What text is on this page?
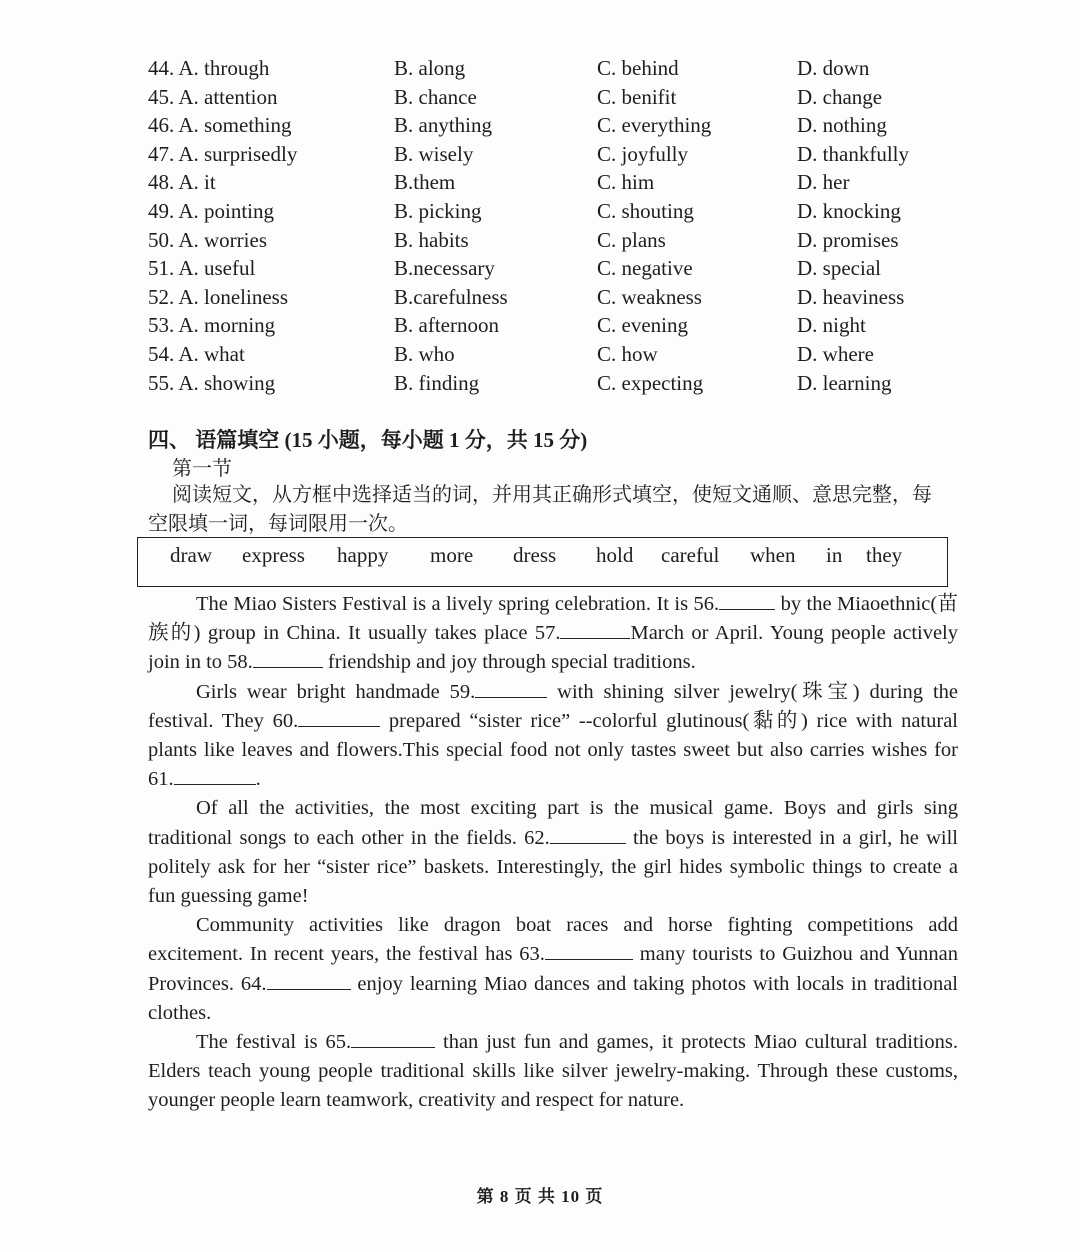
44. A. through	B. along	C. behind	D. down
45. A. attention	B. chance	C. benifit	D. change
46. A. something	B. anything	C. everything	D. nothing
47. A. surprisedly	B. wisely	C. joyfully	D. thankfully
48. A. it	B.them	C. him	D. her
49. A. pointing	B. picking	C. shouting	D. knocking
50. A. worries	B. habits	C. plans	D. promises
51. A. useful	B.necessary	C. negative	D. special
52. A. loneliness	B.carefulness	C. weakness	D. heaviness
53. A. morning	B. afternoon	C. evening	D. night
54. A. what	B. who	C. how	D. where
55. A. showing	B. finding	C. expecting	D. learning
四、 语篇填空 (15 小题，每小题 1 分，共 15 分)
第一节
阅读短文，从方框中选择适当的词，并用其正确形式填空，使短文通顺、意思完整，每空限填一词，每词限用一次。
draw express happy more dress hold careful when in they

The Miao Sisters Festival is a lively spring celebration. It is 56.	by the Miaoethnic(苗族的) group in China. It usually takes place 57.	March or April. Young people actively join in to 58.	friendship and joy through special traditions.

Girls wear bright handmade 59.	with shining silver jewelry(珠宝) during the festival. They 60.	prepared “sister rice” --colorful glutinous(黏的) rice with natural plants like leaves and flowers.This special food not only tastes sweet but also carries wishes for 61.	.

Of all the activities, the most exciting part is the musical game. Boys and girls sing traditional songs to each other in the fields. 62.	the boys is interested in a girl, he will politely ask for her “sister rice” baskets. Interestingly, the girl hides symbolic things to create a fun guessing game!

Community activities like dragon boat races and horse fighting competitions add excitement. In recent years, the festival has 63.	many tourists to Guizhou and Yunnan Provinces. 64.	enjoy learning Miao dances and taking photos with locals in traditional clothes.

The festival is 65.	than just fun and games, it protects Miao cultural traditions. Elders teach young people traditional skills like silver jewelry-making. Through these customs, younger people learn teamwork, creativity and respect for nature.

第 8 页 共 10 页
